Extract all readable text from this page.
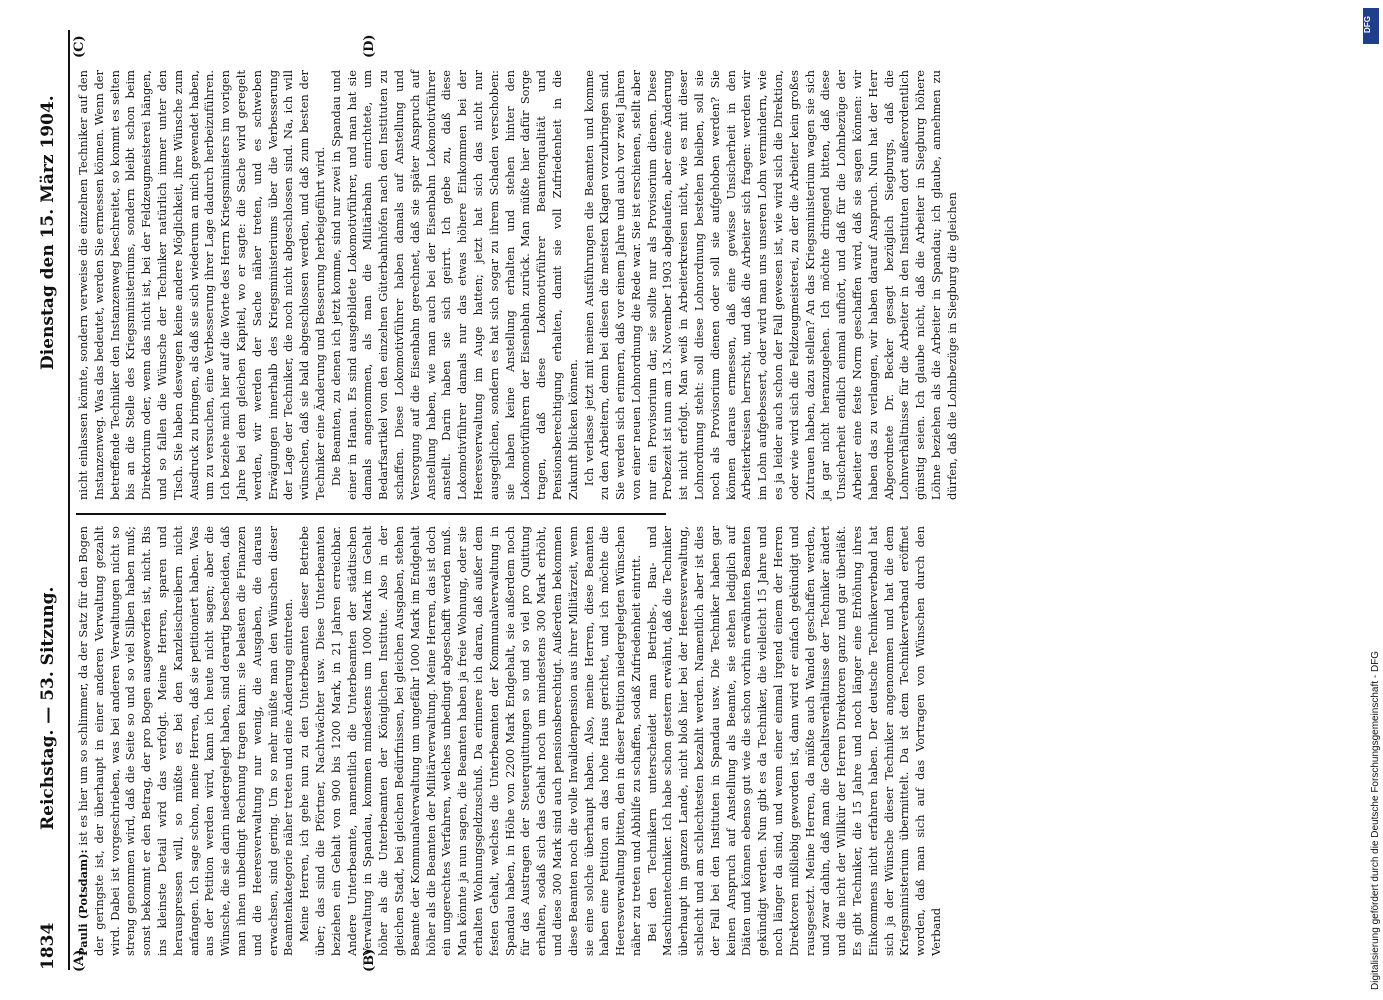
1834
Reichstag. — 53. Sitzung.
Dienstag den 15. März 1904.
(A)	(B)
(C)	(D)

Pauli (Potsdam): ist es hier um so schlimmer, da der Satz für den Bogen der geringste ist, der überhaupt in einer anderen Verwaltung gezahlt wird. Dabei ist vorgeschrieben, was bei anderen Verwaltungen nicht so streng genommen wird, daß die Seite so und so viel Silben haben muß; sonst bekommt er den Betrag, der pro Bogen ausgeworfen ist, nicht. Bis ins kleinste Detail wird das verfolgt. Meine Herren, sparen und herauspressen will, so müßte es bei den Kanzleischreibern nicht anfangen. Ich sage schon, meine Herren, daß sie petitioniert haben. Was aus der Petition werden wird, kann ich heute nicht sagen; aber die Wünsche, die sie darin niedergelegt haben, sind derartig bescheiden, daß man ihnen unbedingt Rechnung tragen kann: sie belasten die Finanzen und die Heeresverwaltung nur wenig, die Ausgaben, die daraus erwachsen, sind gering. Um so mehr müßte man den Wünschen dieser Beamtenkategorie näher treten und eine Änderung eintreten. Meine Herren, ich gehe nun zu den Unterbeamten dieser Betriebe über; das sind die Pförtner, Nachtwächter usw. Diese Unterbeamten beziehen ein Gehalt von 900 bis 1200 Mark, in 21 Jahren erreichbar. Andere Unterbeamte, namentlich die Unterbeamten der städtischen Verwaltung in Spandau, kommen mindestens um 1000 Mark im Gehalt höher als die Unterbeamten der Königlichen Institute. Also in der gleichen Stadt, bei gleichen Bedürfnissen, bei gleichen Ausgaben, stehen Beamte der Kommunalverwaltung um ungefähr 1000 Mark im Endgehalt höher als die Beamten der Militärverwaltung. Meine Herren, das ist doch ein ungerechtes Verfahren, welches unbedingt abgeschafft werden muß. Man könnte ja nun sagen, die Beamten haben ja freie Wohnung, oder sie erhalten Wohnungsgeldzuschuß. Da erinnere ich daran, daß außer dem festen Gehalt, welches die Unterbeamten der Kommunalverwaltung in Spandau haben, in Höhe von 2200 Mark Endgehalt, sie außerdem noch für das Austragen der Steuerquittungen so und so viel pro Quittung erhalten, sodaß sich das Gehalt noch um mindestens 300 Mark erhöht, und diese 300 Mark sind auch pensionsberechtigt. Außerdem bekommen diese Beamten noch die volle Invalidenpension aus ihrer Militärzeit, wenn sie eine solche überhaupt haben. Also, meine Herren, diese Beamten haben eine Petition an das hohe Haus gerichtet, und ich möchte die Heeresverwaltung bitten, den in dieser Petition niedergelegten Wünschen näher zu treten und Abhilfe zu schaffen, sodaß Zufriedenheit eintritt. Bei den Technikern unterscheidet man Betriebs-, Bau- und Maschinentechniker. Ich habe schon gestern erwähnt, daß die Techniker überhaupt im ganzen Lande, nicht bloß hier bei der Heeresverwaltung, schlecht und am schlechtesten bezahlt werden. Namentlich aber ist dies der Fall bei den Instituten in Spandau usw. Die Techniker haben gar keinen Anspruch auf Anstellung als Beamte, sie stehen lediglich auf Diäten und können ebenso gut wie die schon vorhin erwähnten Beamten gekündigt werden. Nun gibt es da Techniker, die vielleicht 15 Jahre und noch länger da sind, und wenn einer einmal irgend einem der Herren Direktoren mißliebig geworden ist, dann wird er einfach gekündigt und rausgesetzt. Meine Herren, da müßte auch Wandel geschaffen werden, und zwar dahin, daß man die Gehaltsverhältnisse der Techniker ändert und die nicht der Willkür der Herren Direktoren ganz und gar überläßt. Es gibt Techniker, die 15 Jahre und noch länger eine Erhöhung ihres Einkommens nicht erfahren haben. Der deutsche Technikerverband hat sich ja der Wünsche dieser Techniker angenommen und hat die dem Kriegsministerium übermittelt. Da ist dem Technikerverband eröffnet worden, daß man sich auf das Vortragen von Wünschen durch den Verband

nicht einlassen könnte, sondern verweise die einzelnen Techniker auf den Instanzenweg. Was das bedeutet, werden Sie ermessen können. Wenn der betreffende Techniker den Instanzenweg beschreitet, so kommt es selten bis an die Stelle des Kriegsministeriums, sondern bleibt schon beim Direktorium oder, wenn das nicht ist, bei der Feldzeugmeisterei hängen, und so fallen die Wünsche der Techniker natürlich immer unter den Tisch. Sie haben deswegen keine andere Möglichkeit, ihre Wünsche zum Ausdruck zu bringen, als daß sie sich wiederum an mich gewendet haben, um zu versuchen, eine Verbesserung ihrer Lage dadurch herbeizuführen. Ich beziehe mich hier auf die Worte des Herrn Kriegsministers im vorigen Jahre bei dem gleichen Kapitel, wo er sagte: die Sache wird geregelt werden, wir werden der Sache näher treten, und es schweben Erwägungen innerhalb des Kriegsministeriums über die Verbesserung der Lage der Techniker, die noch nicht abgeschlossen sind. Na, ich will wünschen, daß sie bald abgeschlossen werden, und daß zum besten der Techniker eine Änderung und Besserung herbeigeführt wird. Die Beamten, zu denen ich jetzt komme, sind nur zwei in Spandau und einer in Hanau. Es sind ausgebildete Lokomotivführer, und man hat sie damals angenommen, als man die Militärbahn einrichtete, um Bedarfsartikel von den einzelnen Güterbahnhöfen nach den Instituten zu schaffen. Diese Lokomotivführer haben damals auf Anstellung und Versorgung auf die Eisenbahn gerechnet, daß sie später Anspruch auf Anstellung haben, wie man auch bei der Eisenbahn Lokomotivführer anstellt. Darin haben sie sich geirrt. Ich gebe zu, daß diese Lokomotivführer damals nur das etwas höhere Einkommen bei der Heeresverwaltung im Auge hatten; jetzt hat sich das nicht nur ausgeglichen, sondern es hat sich sogar zu ihrem Schaden verschoben: sie haben keine Anstellung erhalten und stehen hinter den Lokomotivführern der Eisenbahn zurück. Man müßte hier dafür Sorge tragen, daß diese Lokomotivführer Beamtenqualität und Pensionsberechtigung erhalten, damit sie voll Zufriedenheit in die Zukunft blicken können. Ich verlasse jetzt mit meinen Ausführungen die Beamten und komme zu den Arbeitern, denn bei diesen die meisten Klagen vorzubringen sind. Sie werden sich erinnern, daß vor einem Jahre und auch vor zwei Jahren von einer neuen Lohnordnung die Rede war. Sie ist erschienen, stellt aber nur ein Provisorium dar, sie sollte nur als Provisorium dienen. Diese Probezeit ist nun am 13. November 1903 abgelaufen, aber eine Änderung ist nicht erfolgt. Man weiß in Arbeiterkreisen nicht, wie es mit dieser Lohnordnung steht: soll diese Lohnordnung bestehen bleiben, soll sie noch als Provisorium dienen oder soll sie aufgehoben werden? Sie können daraus ermessen, daß eine gewisse Unsicherheit in den Arbeiterkreisen herrscht, und daß die Arbeiter sich fragen: werden wir im Lohn aufgebessert, oder wird man uns unseren Lohn vermindern, wie es ja leider auch schon der Fall gewesen ist, wie wird sich die Direktion, oder wie wird sich die Feldzeugmeisterei, zu der die Arbeiter kein großes Zutrauen haben, dazu stellen? An das Kriegsministerium wagen sie sich ja gar nicht heranzugehen. Ich möchte dringend bitten, daß diese Unsicherheit endlich einmal aufhört, und daß für die Lohnbezüge der Arbeiter eine feste Norm geschaffen wird, daß sie sagen können: wir haben das zu verlangen, wir haben darauf Anspruch. Nun hat der Herr Abgeordnete Dr. Becker gesagt bezüglich Siegburgs, daß die Lohnverhältnisse für die Arbeiter in den Instituten dort außerordentlich günstig seien. Ich glaube nicht, daß die Arbeiter in Siegburg höhere Löhne beziehen als die Arbeiter in Spandau; ich glaube, annehmen zu dürfen, daß die Lohnbezüge in Siegburg die gleichen

Digitalisierung gefördert durch die Deutsche Forschungsgemeinschaft - DFG
DFG
